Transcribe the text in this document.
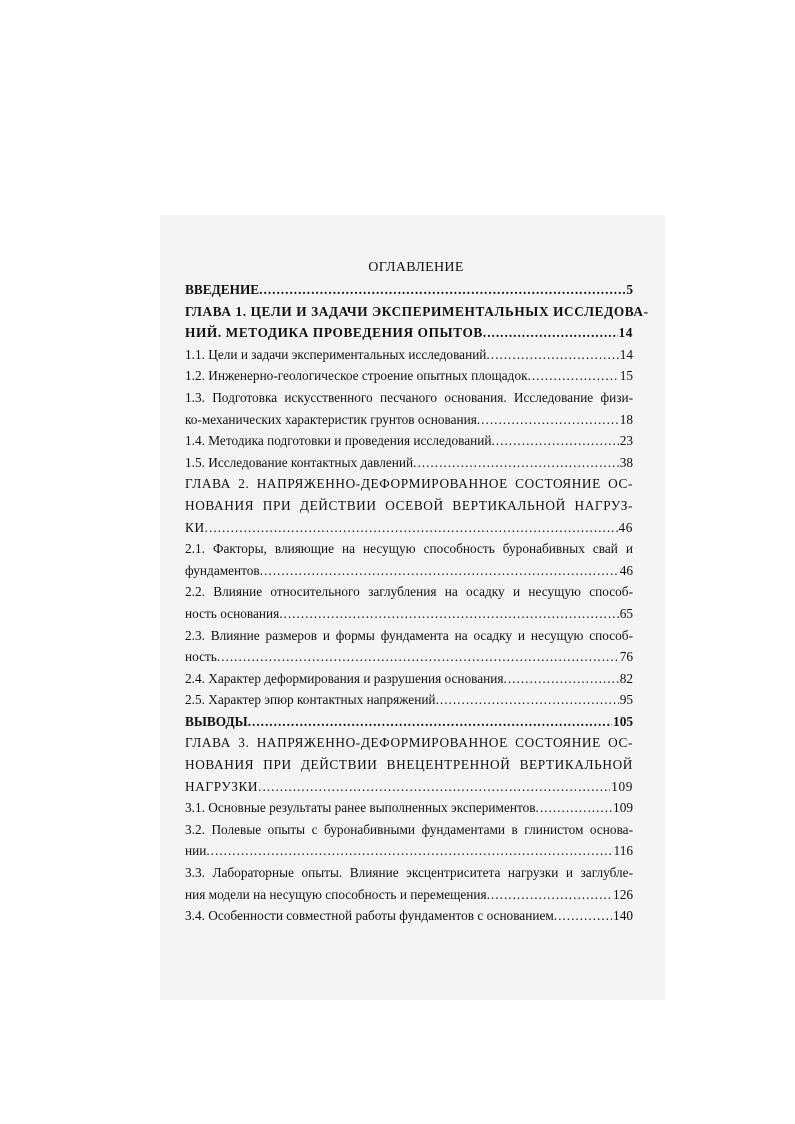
ОГЛАВЛЕНИЕ
ВВЕДЕНИЕ .....	5
ГЛАВА 1. ЦЕЛИ И ЗАДАЧИ ЭКСПЕРИМЕНТАЛЬНЫХ ИССЛЕДОВА-
НИЙ. МЕТОДИКА ПРОВЕДЕНИЯ ОПЫТОВ .....	14
1.1. Цели и задачи экспериментальных исследований .....	14
1.2. Инженерно-геологическое строение опытных площадок .....	15
1.3. Подготовка искусственного песчаного основания. Исследование физи-
ко-механических характеристик грунтов основания .....	18
1.4. Методика подготовки и проведения исследований .....	23
1.5. Исследование контактных давлений .....	38
ГЛАВА 2. НАПРЯЖЕННО-ДЕФОРМИРОВАННОЕ СОСТОЯНИЕ ОС-
НОВАНИЯ ПРИ ДЕЙСТВИИ ОСЕВОЙ ВЕРТИКАЛЬНОЙ НАГРУЗ-
КИ .....	46
2.1. Факторы, влияющие на несущую способность буронабивных свай и
фундаментов .....	46
2.2. Влияние относительного заглубления на осадку и несущую способ-
ность основания .....	65
2.3. Влияние размеров и формы фундамента на осадку и несущую способ-
ность .....	76
2.4. Характер деформирования и разрушения основания .....	82
2.5. Характер эпюр контактных напряжений .....	95
ВЫВОДЫ .....	105
ГЛАВА 3. НАПРЯЖЕННО-ДЕФОРМИРОВАННОЕ СОСТОЯНИЕ ОС-
НОВАНИЯ ПРИ ДЕЙСТВИИ ВНЕЦЕНТРЕННОЙ ВЕРТИКАЛЬНОЙ
НАГРУЗКИ .....	109
3.1. Основные результаты ранее выполненных экспериментов .....	109
3.2. Полевые опыты с буронабивными фундаментами в глинистом основа-
нии .....	116
3.3. Лабораторные опыты. Влияние эксцентриситета нагрузки и заглубле-
ния модели на несущую способность и перемещения .....	126
3.4. Особенности совместной работы фундаментов с основанием .....	140
